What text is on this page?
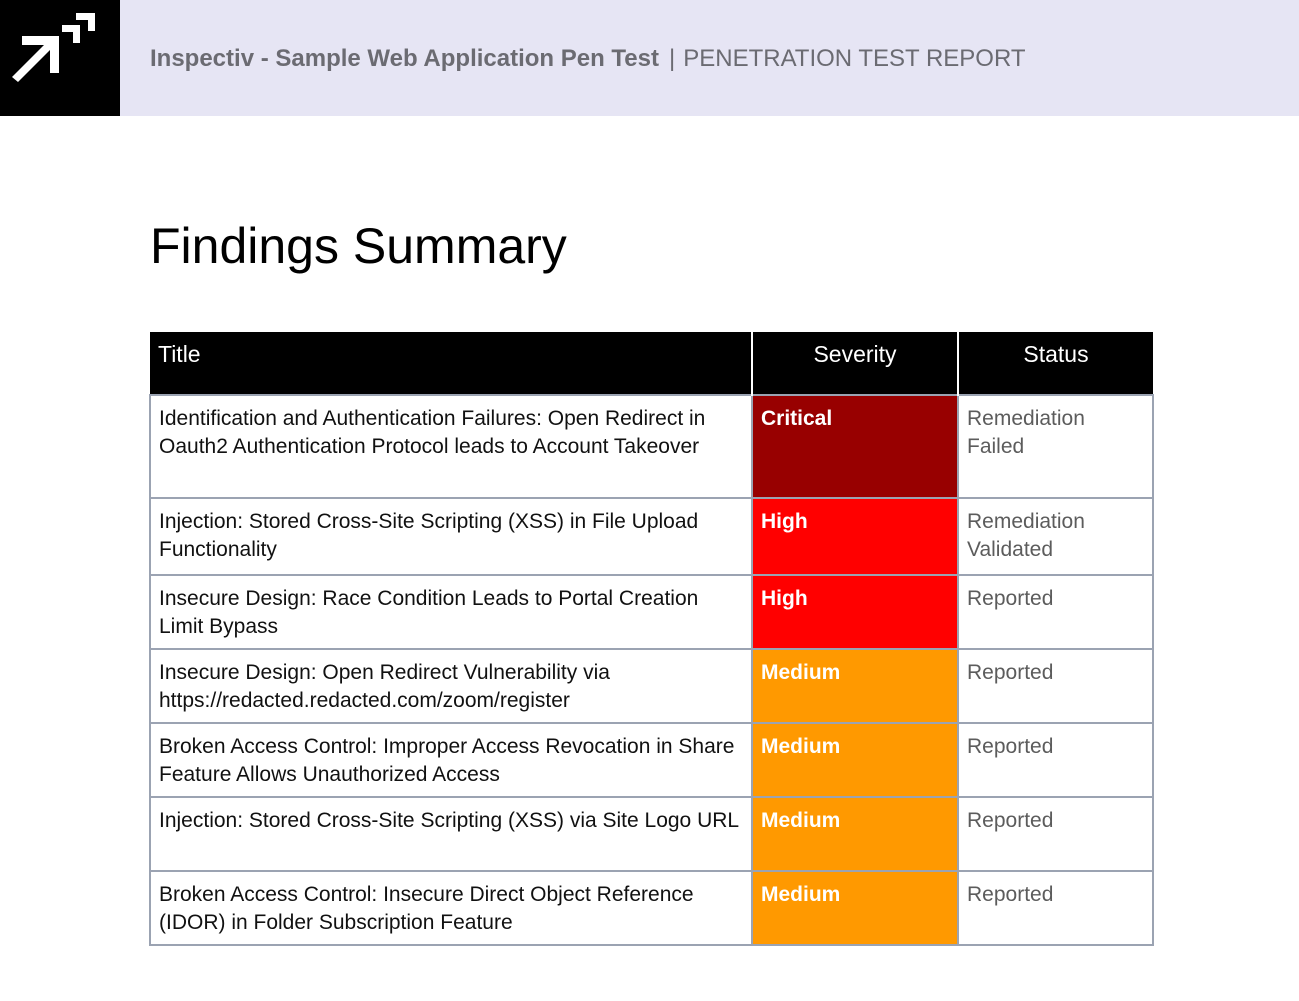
Inspectiv - Sample Web Application Pen Test | PENETRATION TEST REPORT
Findings Summary
Title	Severity	Status
Identification and Authentication Failures: Open Redirect in Oauth2 Authentication Protocol leads to Account Takeover	Critical	Remediation Failed
Injection: Stored Cross-Site Scripting (XSS) in File Upload Functionality	High	Remediation Validated
Insecure Design: Race Condition Leads to Portal Creation Limit Bypass	High	Reported
Insecure Design: Open Redirect Vulnerability via https://redacted.redacted.com/zoom/register	Medium	Reported
Broken Access Control: Improper Access Revocation in Share Feature Allows Unauthorized Access	Medium	Reported
Injection: Stored Cross-Site Scripting (XSS) via Site Logo URL	Medium	Reported
Broken Access Control: Insecure Direct Object Reference (IDOR) in Folder Subscription Feature	Medium	Reported
